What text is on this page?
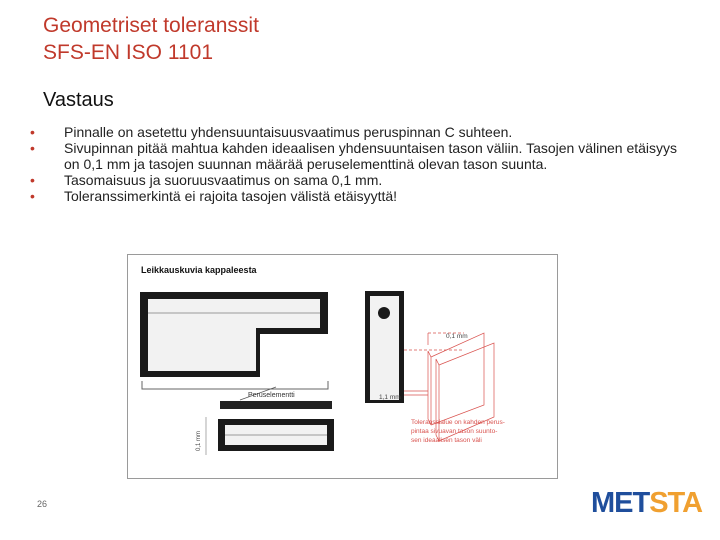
Geometriset toleranssit
SFS-EN ISO 1101
Vastaus
• Pinnalle on asetettu yhdensuuntaisuusvaatimus peruspinnan C suhteen.
• Sivupinnan pitää mahtua kahden ideaalisen yhdensuuntaisen tason väliin. Tasojen välinen etäisyys on 0,1 mm ja tasojen suunnan määrää peruselementtinä olevan tason suunta.
• Tasomaisuus ja suoruusvaatimus on sama 0,1 mm.
• Toleranssimerkintä ei rajoita tasojen välistä etäisyyttä!
Leikkauskuvia kappaleesta
Peruselementti
0,1 mm
0,1 mm
1,1 mm
Toleranssialue on kahden perus-
pintaa sivuavan tason suunto-
sen ideaalisen tason väli
26	METSTA
